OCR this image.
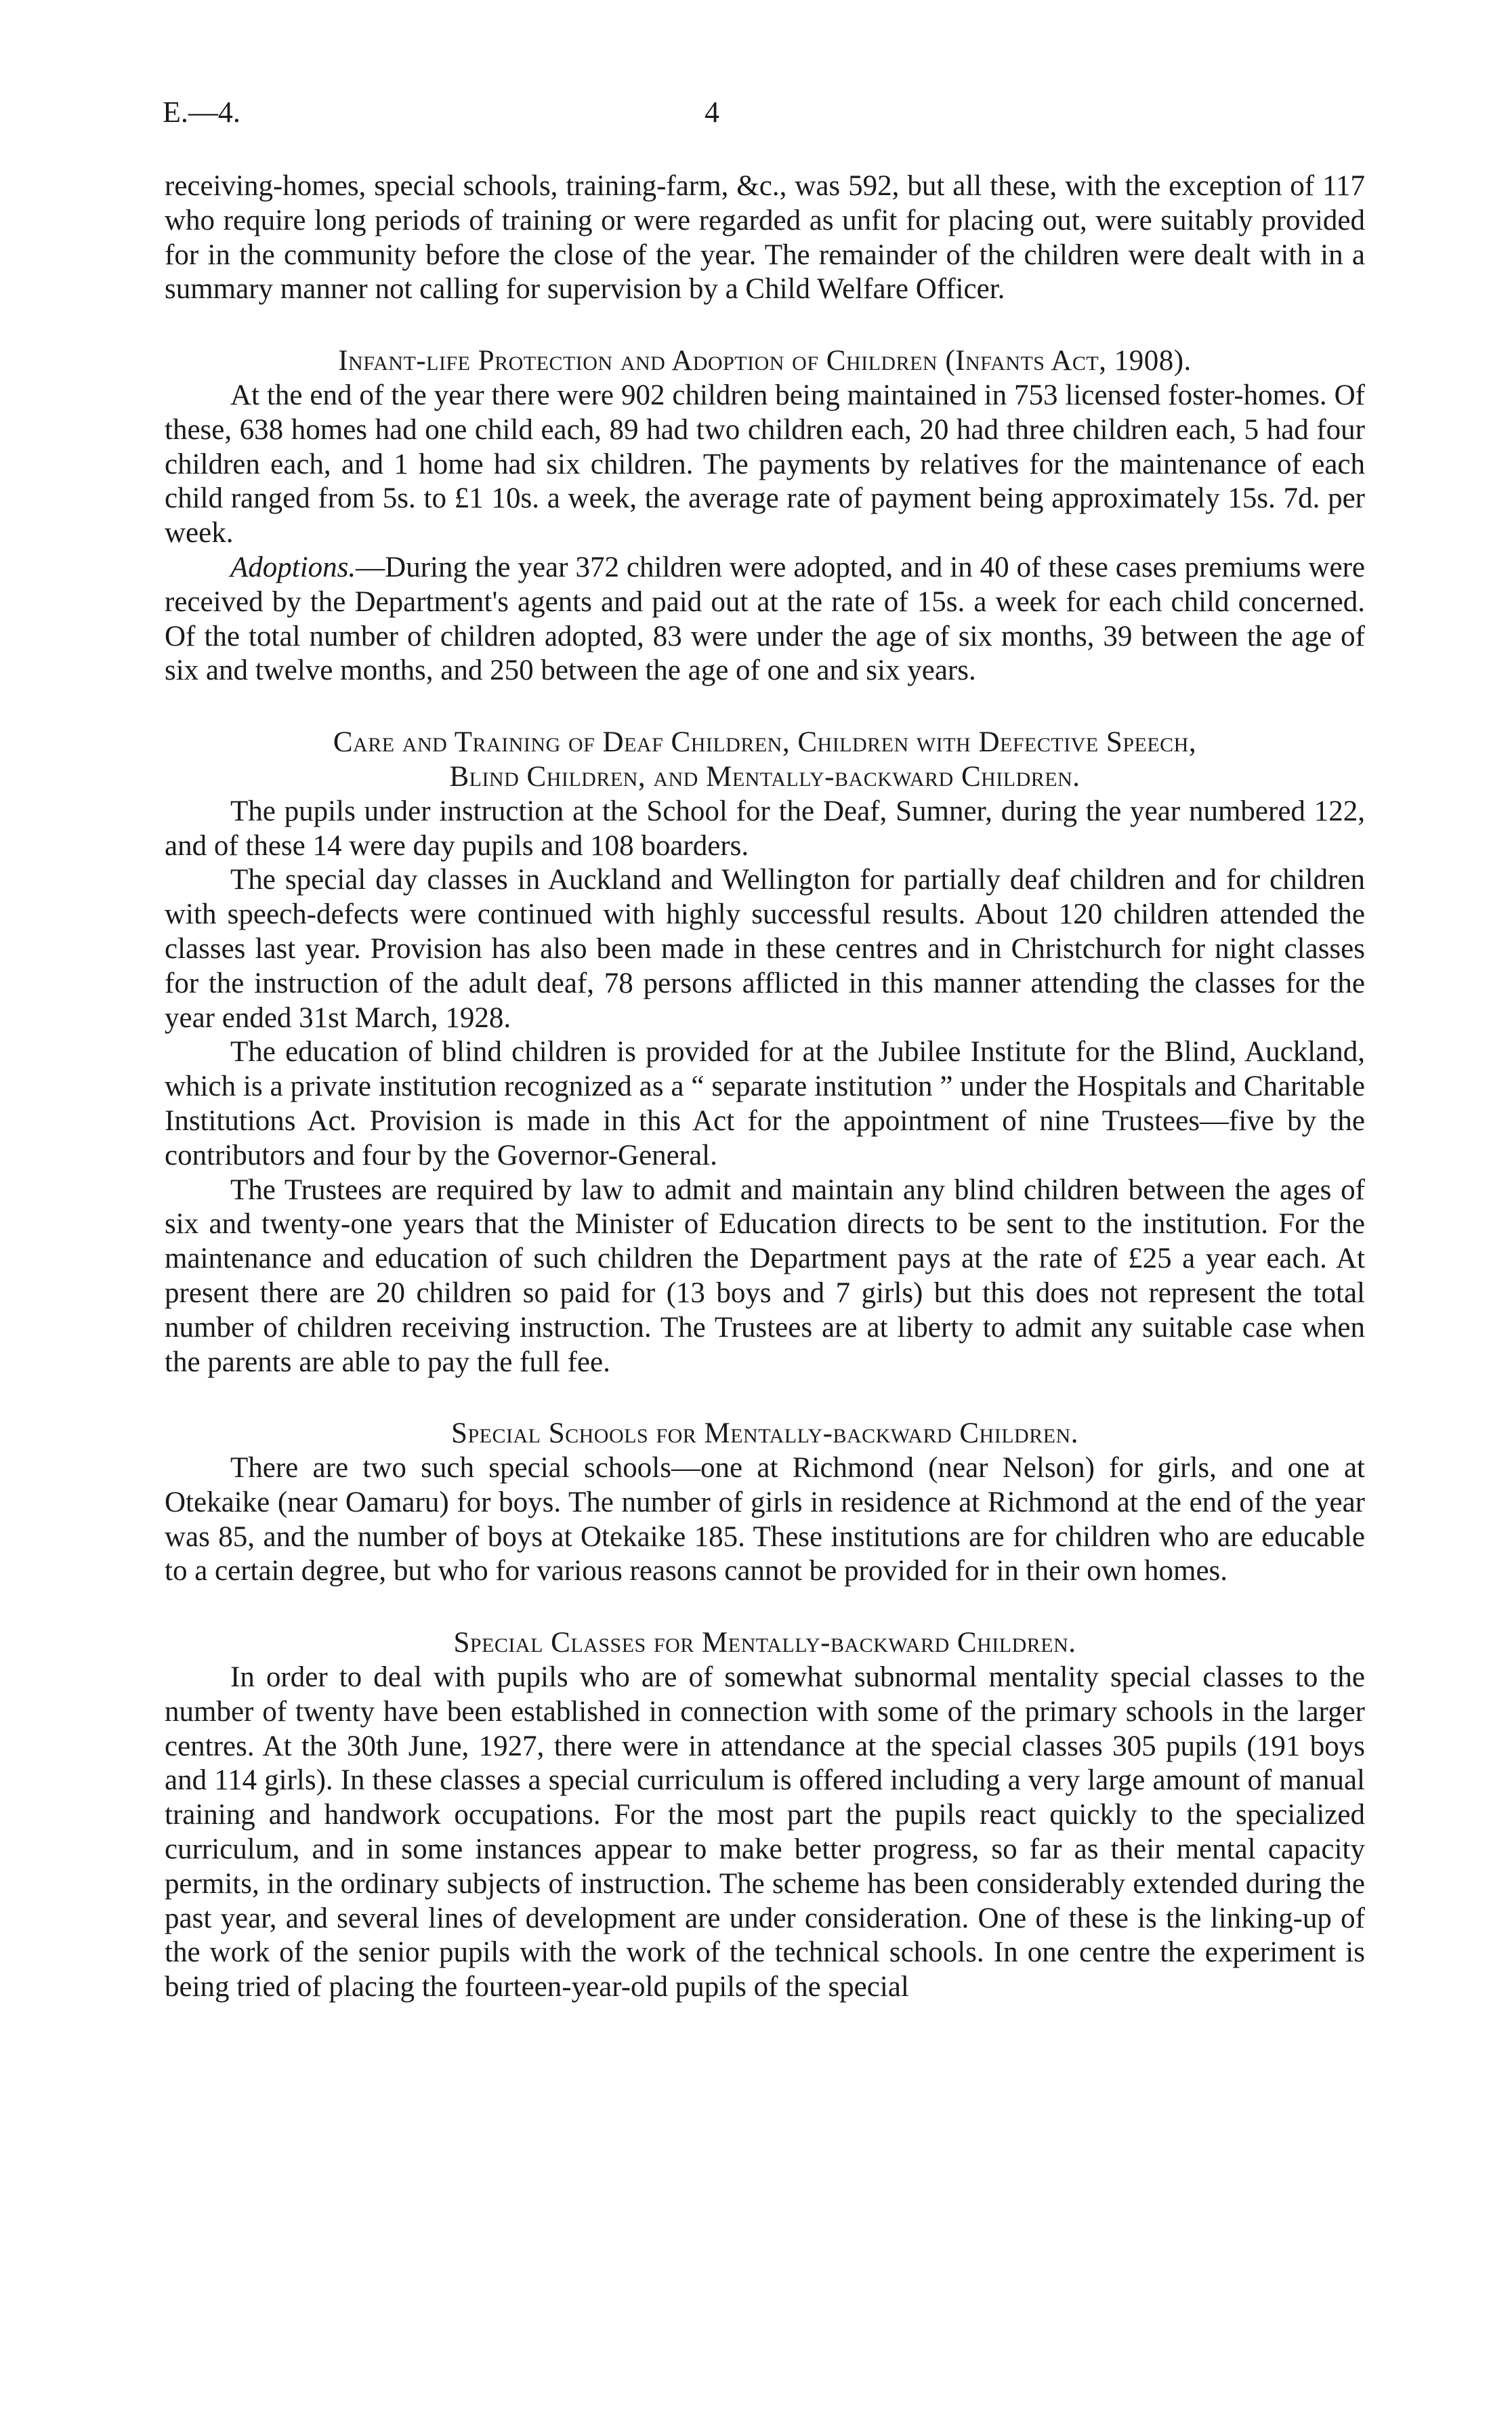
E.—4.	4

receiving-homes, special schools, training-farm, &c., was 592, but all these, with the exception of 117 who require long periods of training or were regarded as unfit for placing out, were suitably provided for in the community before the close of the year. The remainder of the children were dealt with in a summary manner not calling for supervision by a Child Welfare Officer.

Infant-life Protection and Adoption of Children (Infants Act, 1908).

At the end of the year there were 902 children being maintained in 753 licensed foster-homes. Of these, 638 homes had one child each, 89 had two children each, 20 had three children each, 5 had four children each, and 1 home had six children. The payments by relatives for the maintenance of each child ranged from 5s. to £1 10s. a week, the average rate of payment being approximately 15s. 7d. per week.

Adoptions.—During the year 372 children were adopted, and in 40 of these cases premiums were received by the Department's agents and paid out at the rate of 15s. a week for each child concerned. Of the total number of children adopted, 83 were under the age of six months, 39 between the age of six and twelve months, and 250 between the age of one and six years.

Care and Training of Deaf Children, Children with Defective Speech,
Blind Children, and Mentally-backward Children.

The pupils under instruction at the School for the Deaf, Sumner, during the year numbered 122, and of these 14 were day pupils and 108 boarders.

The special day classes in Auckland and Wellington for partially deaf children and for children with speech-defects were continued with highly successful results. About 120 children attended the classes last year. Provision has also been made in these centres and in Christchurch for night classes for the instruction of the adult deaf, 78 persons afflicted in this manner attending the classes for the year ended 31st March, 1928.

The education of blind children is provided for at the Jubilee Institute for the Blind, Auckland, which is a private institution recognized as a “ separate institution ” under the Hospitals and Charitable Institutions Act. Provision is made in this Act for the appointment of nine Trustees—five by the contributors and four by the Governor-General.

The Trustees are required by law to admit and maintain any blind children between the ages of six and twenty-one years that the Minister of Education directs to be sent to the institution. For the maintenance and education of such children the Department pays at the rate of £25 a year each. At present there are 20 children so paid for (13 boys and 7 girls) but this does not represent the total number of children receiving instruction. The Trustees are at liberty to admit any suitable case when the parents are able to pay the full fee.

Special Schools for Mentally-backward Children.

There are two such special schools—one at Richmond (near Nelson) for girls, and one at Otekaike (near Oamaru) for boys. The number of girls in residence at Richmond at the end of the year was 85, and the number of boys at Otekaike 185. These institutions are for children who are educable to a certain degree, but who for various reasons cannot be provided for in their own homes.

Special Classes for Mentally-backward Children.

In order to deal with pupils who are of somewhat subnormal mentality special classes to the number of twenty have been established in connection with some of the primary schools in the larger centres. At the 30th June, 1927, there were in attendance at the special classes 305 pupils (191 boys and 114 girls). In these classes a special curriculum is offered including a very large amount of manual training and handwork occupations. For the most part the pupils react quickly to the specialized curriculum, and in some instances appear to make better progress, so far as their mental capacity permits, in the ordinary subjects of instruction. The scheme has been considerably extended during the past year, and several lines of development are under consideration. One of these is the linking-up of the work of the senior pupils with the work of the technical schools. In one centre the experiment is being tried of placing the fourteen-year-old pupils of the special
